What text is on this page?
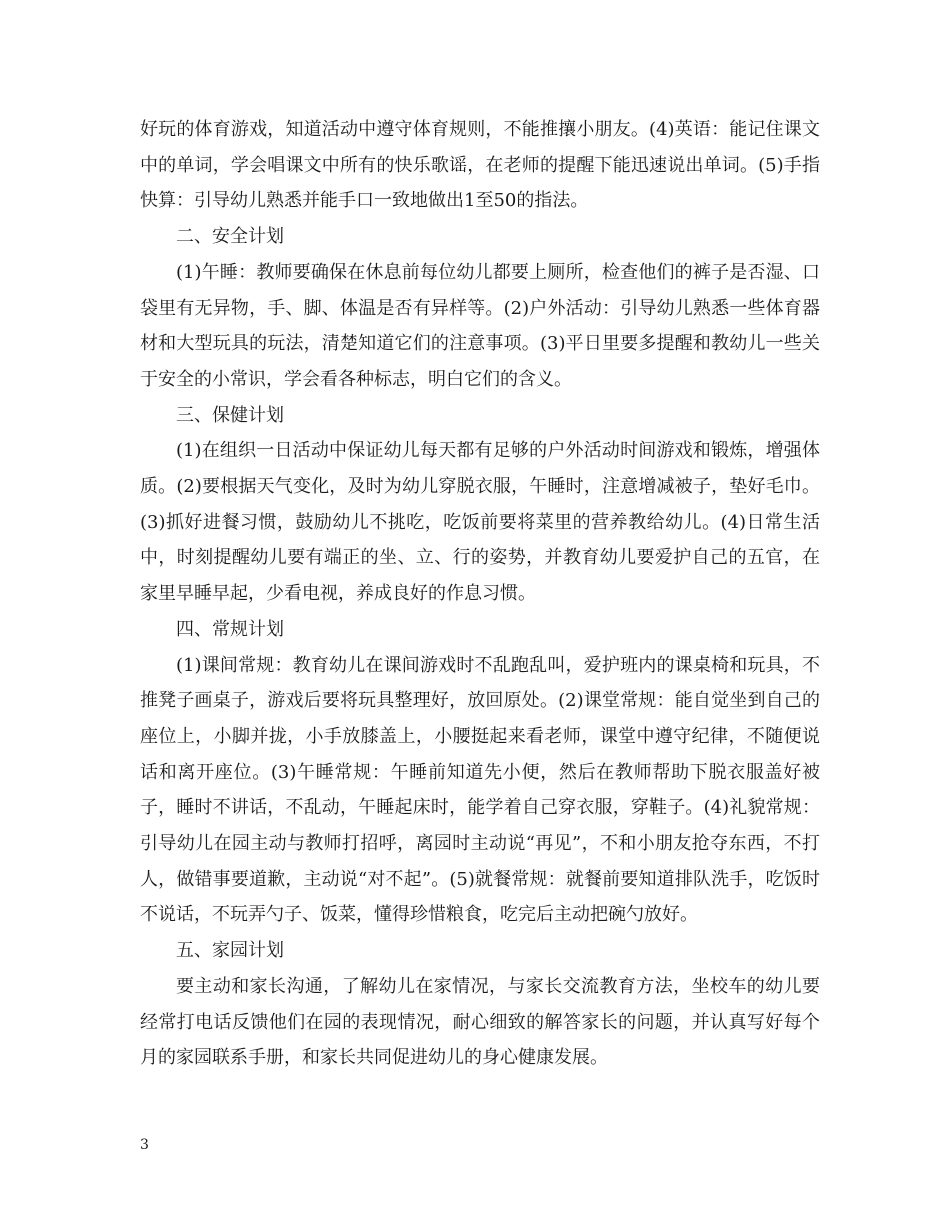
好玩的体育游戏，知道活动中遵守体育规则，不能推攘小朋友。(4)英语：能记住课文中的单词，学会唱课文中所有的快乐歌谣，在老师的提醒下能迅速说出单词。(5)手指快算：引导幼儿熟悉并能手口一致地做出1至50的指法。

二、安全计划

(1)午睡：教师要确保在休息前每位幼儿都要上厕所，检查他们的裤子是否湿、口袋里有无异物，手、脚、体温是否有异样等。(2)户外活动：引导幼儿熟悉一些体育器材和大型玩具的玩法，清楚知道它们的注意事项。(3)平日里要多提醒和教幼儿一些关于安全的小常识，学会看各种标志，明白它们的含义。

三、保健计划

(1)在组织一日活动中保证幼儿每天都有足够的户外活动时间游戏和锻炼，增强体质。(2)要根据天气变化，及时为幼儿穿脱衣服，午睡时，注意增减被子，垫好毛巾。(3)抓好进餐习惯，鼓励幼儿不挑吃，吃饭前要将菜里的营养教给幼儿。(4)日常生活中，时刻提醒幼儿要有端正的坐、立、行的姿势，并教育幼儿要爱护自己的五官，在家里早睡早起，少看电视，养成良好的作息习惯。

四、常规计划

(1)课间常规：教育幼儿在课间游戏时不乱跑乱叫，爱护班内的课桌椅和玩具，不推凳子画桌子，游戏后要将玩具整理好，放回原处。(2)课堂常规：能自觉坐到自己的座位上，小脚并拢，小手放膝盖上，小腰挺起来看老师，课堂中遵守纪律，不随便说话和离开座位。(3)午睡常规：午睡前知道先小便，然后在教师帮助下脱衣服盖好被子，睡时不讲话，不乱动，午睡起床时，能学着自己穿衣服，穿鞋子。(4)礼貌常规：引导幼儿在园主动与教师打招呼，离园时主动说“再见”，不和小朋友抢夺东西，不打人，做错事要道歉，主动说“对不起”。(5)就餐常规：就餐前要知道排队洗手，吃饭时不说话，不玩弄勺子、饭菜，懂得珍惜粮食，吃完后主动把碗勺放好。

五、家园计划

要主动和家长沟通，了解幼儿在家情况，与家长交流教育方法，坐校车的幼儿要经常打电话反馈他们在园的表现情况，耐心细致的解答家长的问题，并认真写好每个月的家园联系手册，和家长共同促进幼儿的身心健康发展。

3
